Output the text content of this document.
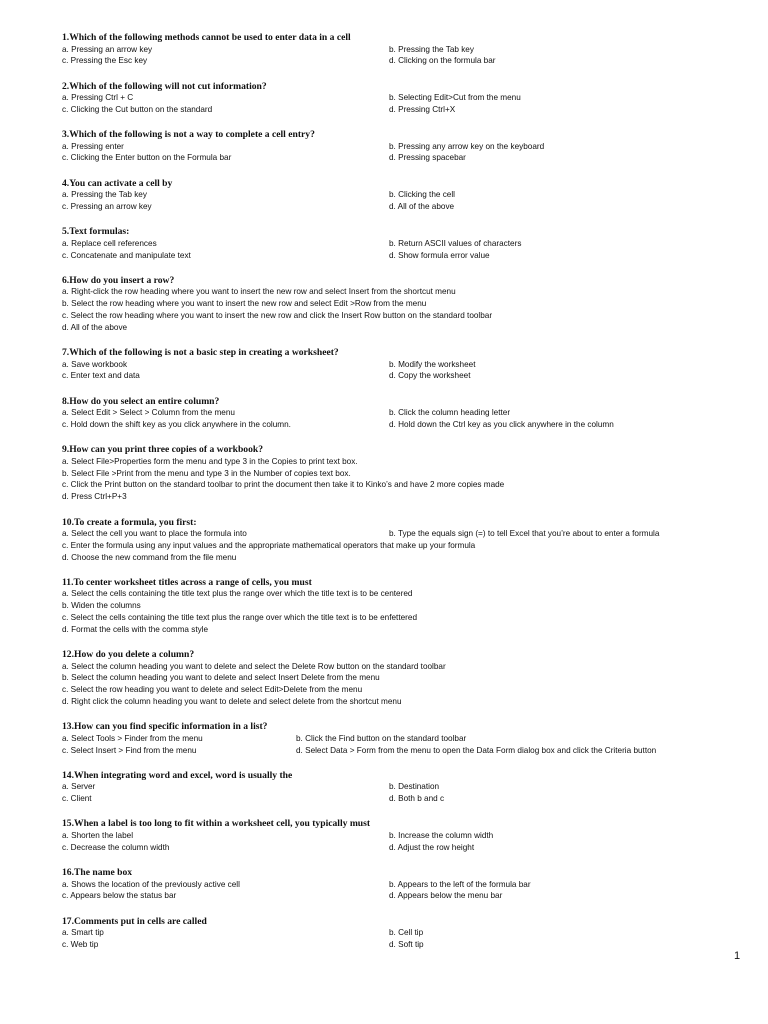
1.Which of the following methods cannot be used to enter data in a cell
a. Pressing an arrow key	b. Pressing the Tab key
c. Pressing the Esc key	d. Clicking on the formula bar
2.Which of the following will not cut information?
a. Pressing Ctrl + C	b. Selecting Edit>Cut from the menu
c. Clicking the Cut button on the standard	d. Pressing Ctrl+X
3.Which of the following is not a way to complete a cell entry?
a. Pressing enter	b. Pressing any arrow key on the keyboard
c. Clicking the Enter button on the Formula bar	d. Pressing spacebar
4.You can activate a cell by
a. Pressing the Tab key	b. Clicking the cell
c. Pressing an arrow key	d. All of the above
5.Text formulas:
a. Replace cell references	b. Return ASCII values of characters
c. Concatenate and manipulate text	d. Show formula error value
6.How do you insert a row?
a. Right-click the row heading where you want to insert the new row and select Insert from the shortcut menu
b. Select the row heading where you want to insert the new row and select Edit >Row from the menu
c. Select the row heading where you want to insert the new row and click the Insert Row button on the standard toolbar
d. All of the above
7.Which of the following is not a basic step in creating a worksheet?
a. Save workbook	b. Modify the worksheet
c. Enter text and data	d. Copy the worksheet
8.How do you select an entire column?
a. Select Edit > Select > Column from the menu	b. Click the column heading letter
c. Hold down the shift key as you click anywhere in the column.	d. Hold down the Ctrl key as you click anywhere in the column
9.How can you print three copies of a workbook?
a. Select File>Properties form the menu and type 3 in the Copies to print text box.
b. Select File >Print from the menu and type 3 in the Number of copies text box.
c. Click the Print button on the standard toolbar to print the document then take it to Kinko’s and have 2 more copies made
d. Press Ctrl+P+3
10.To create a formula, you first:
a. Select the cell you want to place the formula into	b. Type the equals sign (=) to tell Excel that you’re about to enter a formula
c. Enter the formula using any input values and the appropriate mathematical operators that make up your formula
d. Choose the new command from the file menu
11.To center worksheet titles across a range of cells, you must
a. Select the cells containing the title text plus the range over which the title text is to be centered
b. Widen the columns
c. Select the cells containing the title text plus the range over which the title text is to be enfettered
d. Format the cells with the comma style
12.How do you delete a column?
a. Select the column heading you want to delete and select the Delete Row button on the standard toolbar
b. Select the column heading you want to delete and select Insert Delete from the menu
c. Select the row heading you want to delete and select Edit>Delete from the menu
d. Right click the column heading you want to delete and select delete from the shortcut menu
13.How can you find specific information in a list?
a. Select Tools > Finder from the menu	b. Click the Find button on the standard toolbar
c. Select Insert > Find from the menu	d. Select Data > Form from the menu to open the Data Form dialog box and click the Criteria button
14.When integrating word and excel, word is usually the
a. Server	b. Destination
c. Client	d. Both b and c
15.When a label is too long to fit within a worksheet cell, you typically must
a. Shorten the label	b. Increase the column width
c. Decrease the column width	d. Adjust the row height
16.The name box
a. Shows the location of the previously active cell	b. Appears to the left of the formula bar
c. Appears below the status bar	d. Appears below the menu bar
17.Comments put in cells are called
a. Smart tip	b. Cell tip
c. Web tip	d. Soft tip
1
